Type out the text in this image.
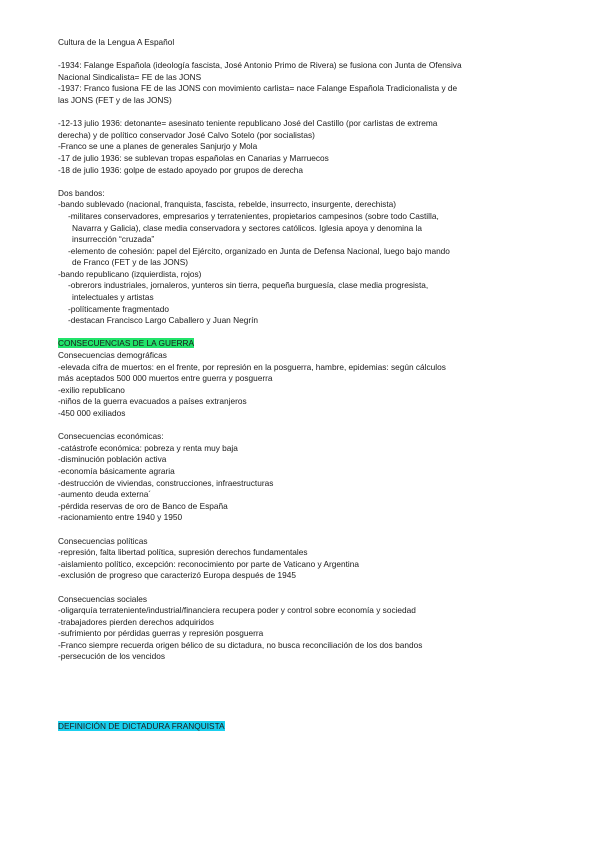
Cultura de la Lengua A Español
-1934: Falange Española (ideología fascista, José Antonio Primo de Rivera) se fusiona con Junta de Ofensiva
Nacional Sindicalista= FE de las JONS
-1937: Franco fusiona FE de las JONS con movimiento carlista= nace Falange Española Tradicionalista y de
las JONS (FET y de las JONS)
-12-13 julio 1936: detonante= asesinato teniente republicano José del Castillo (por carlistas de extrema
derecha) y de político conservador José Calvo Sotelo (por socialistas)
-Franco se une a planes de generales Sanjurjo y Mola
-17 de julio 1936: se sublevan tropas españolas en Canarias y Marruecos
-18 de julio 1936: golpe de estado apoyado por grupos de derecha
Dos bandos:
-bando sublevado (nacional, franquista, fascista, rebelde, insurrecto, insurgente, derechista)
-militares conservadores, empresarios y terratenientes, propietarios campesinos (sobre todo Castilla,
Navarra y Galicia), clase media conservadora y sectores católicos. Iglesia apoya y denomina la
insurrección “cruzada”
-elemento de cohesión: papel del Ejército, organizado en Junta de Defensa Nacional, luego bajo mando
de Franco (FET y de las JONS)
-bando republicano (izquierdista, rojos)
-obrerors industriales, jornaleros, yunteros sin tierra, pequeña burguesía, clase media progresista,
intelectuales y artistas
-políticamente fragmentado
-destacan Francisco Largo Caballero y Juan Negrín
CONSECUENCIAS DE LA GUERRA
Consecuencias demográficas
-elevada cifra de muertos: en el frente, por represión en la posguerra, hambre, epidemias: según cálculos
más aceptados 500 000 muertos entre guerra y posguerra
-exilio republicano
-niños de la guerra evacuados a países extranjeros
-450 000 exiliados
Consecuencias económicas:
-catástrofe económica: pobreza y renta muy baja
-disminución población activa
-economía básicamente agraria
-destrucción de viviendas, construcciones, infraestructuras
-aumento deuda externa´
-pérdida reservas de oro de Banco de España
-racionamiento entre 1940 y 1950
Consecuencias políticas
-represión, falta libertad política, supresión derechos fundamentales
-aislamiento político, excepción: reconocimiento por parte de Vaticano y Argentina
-exclusión de progreso que caracterizó Europa después de 1945
Consecuencias sociales
-oligarquía terrateniente/industrial/financiera recupera poder y control sobre economía y sociedad
-trabajadores pierden derechos adquiridos
-sufrimiento por pérdidas guerras y represión posguerra
-Franco siempre recuerda origen bélico de su dictadura, no busca reconciliación de los dos bandos
-persecución de los vencidos
DEFINICIÓN DE DICTADURA FRANQUISTA
